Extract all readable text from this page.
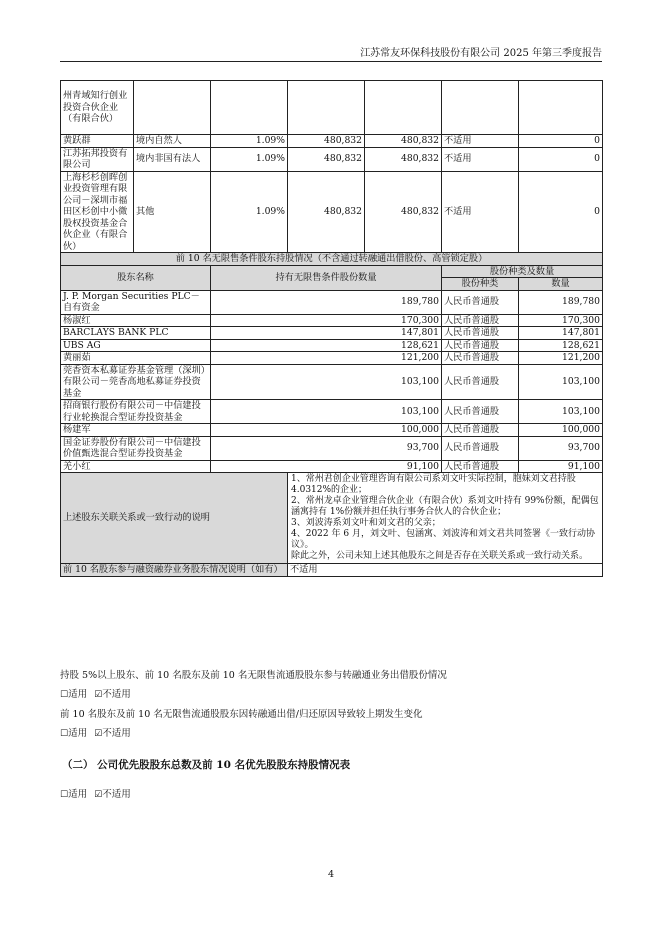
江苏常友环保科技股份有限公司 2025 年第三季度报告
州青域知行创业投资合伙企业（有限合伙）						
黄跃群	境内自然人	1.09%	480,832	480,832	不适用	0
江苏拓邦投资有限公司	境内非国有法人	1.09%	480,832	480,832	不适用	0
上海杉杉创晖创业投资管理有限公司－深圳市福田区杉创中小微股权投资基金合伙企业（有限合伙）	其他	1.09%	480,832	480,832	不适用	0
前 10 名无限售条件股东持股情况（不含通过转融通出借股份、高管锁定股）						
股东名称		持有无限售条件股份数量			股份种类及数量	
					股份种类	数量
J. P. Morgan Securities PLC－自有资金		189,780			人民币普通股	189,780
杨淑红		170,300			人民币普通股	170,300
BARCLAYS BANK PLC		147,801			人民币普通股	147,801
UBS AG		128,621			人民币普通股	128,621
黄丽茹		121,200			人民币普通股	121,200
莞香资本私募证券基金管理（深圳）有限公司－莞香高地私募证券投资基金		103,100			人民币普通股	103,100
招商银行股份有限公司－中信建投行业轮换混合型证券投资基金		103,100			人民币普通股	103,100
杨建军		100,000			人民币普通股	100,000
国金证券股份有限公司－中信建投价值甄选混合型证券投资基金		93,700			人民币普通股	93,700
羌小红		91,100			人民币普通股	91,100
上述股东关联关系或一致行动的说明			1、常州君创企业管理咨询有限公司系刘文叶实际控制，胞妹刘文君持股 4.0312%的企业；
2、常州龙卓企业管理合伙企业（有限合伙）系刘文叶持有 99%份额，配偶包涵寓持有 1%份额并担任执行事务合伙人的合伙企业；
3、刘波涛系刘文叶和刘文君的父亲；
4、2022 年 6 月，刘文叶、包涵寓、刘波涛和刘文君共同签署《一致行动协议》。
除此之外，公司未知上述其他股东之间是否存在关联关系或一致行动关系。			

前 10 名股东参与融资融券业务股东情况说明（如有）			不适用			
持股 5%以上股东、前 10 名股东及前 10 名无限售流通股股东参与转融通业务出借股份情况
☐适用 ☑不适用
前 10 名股东及前 10 名无限售流通股股东因转融通出借/归还原因导致较上期发生变化
☐适用 ☑不适用
（二） 公司优先股股东总数及前 10 名优先股股东持股情况表
☐适用 ☑不适用
4
